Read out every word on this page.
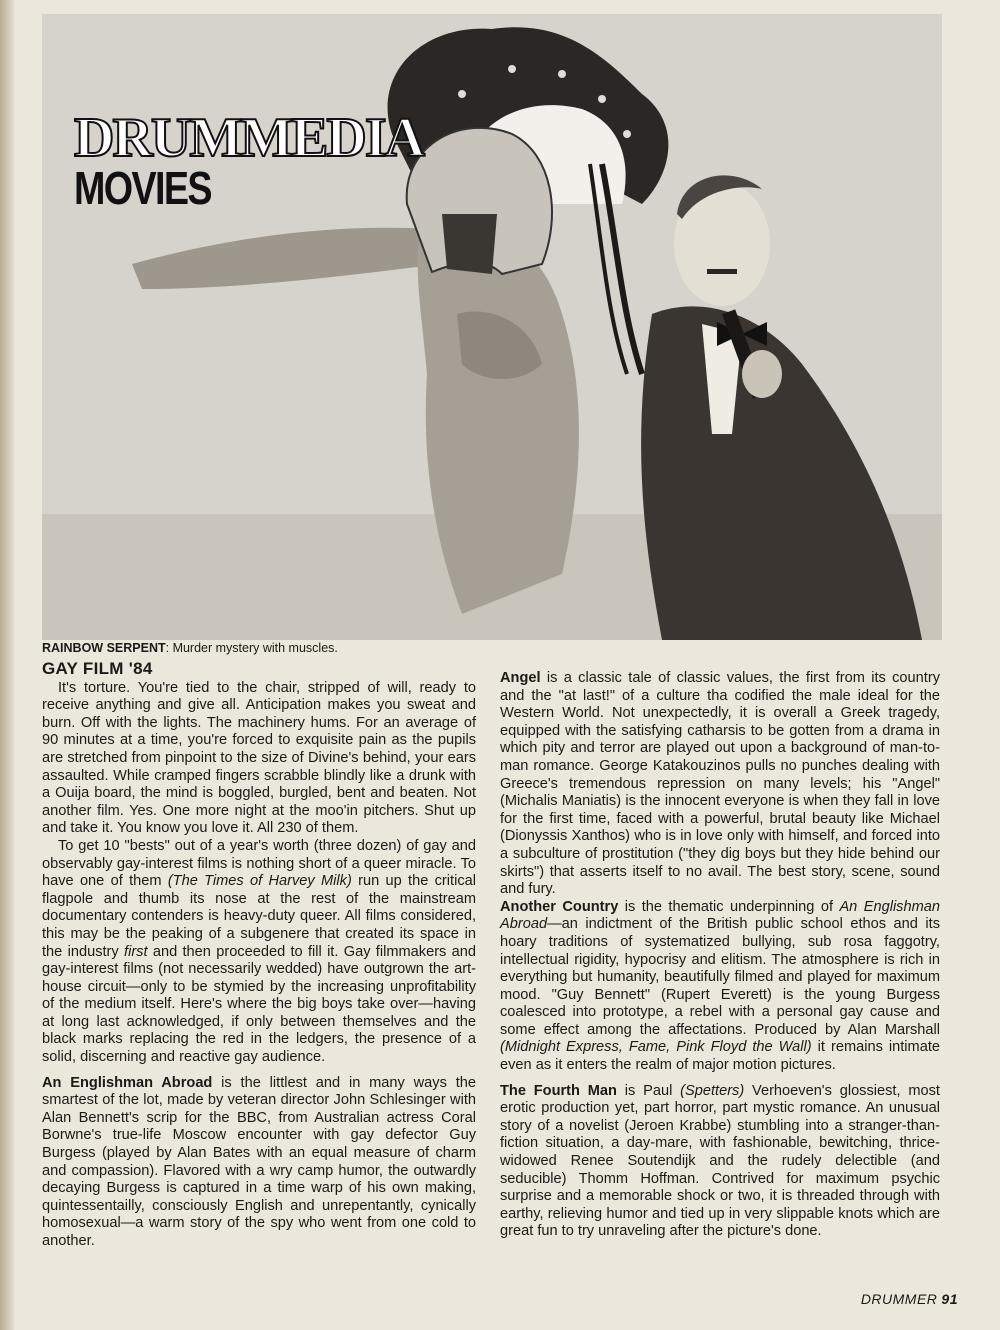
DRUMMEDIA
MOVIES
RAINBOW SERPENT: Murder mystery with muscles.
GAY FILM '84

It's torture. You're tied to the chair, stripped of will, ready to receive anything and give all. Anticipation makes you sweat and burn. Off with the lights. The machinery hums. For an average of 90 minutes at a time, you're forced to exquisite pain as the pupils are stretched from pinpoint to the size of Divine's behind, your ears assaulted. While cramped fingers scrabble blindly like a drunk with a Ouija board, the mind is boggled, burgled, bent and beaten. Not another film. Yes. One more night at the moo'in pitchers. Shut up and take it. You know you love it. All 230 of them.

To get 10 "bests" out of a year's worth (three dozen) of gay and observably gay-interest films is nothing short of a queer miracle. To have one of them (The Times of Harvey Milk) run up the critical flagpole and thumb its nose at the rest of the mainstream documentary contenders is heavy-duty queer. All films considered, this may be the peaking of a subgenere that created its space in the industry first and then proceeded to fill it. Gay filmmakers and gay-interest films (not necessarily wedded) have outgrown the art-house circuit—only to be stymied by the increasing unprofitability of the medium itself. Here's where the big boys take over—having at long last acknowledged, if only between themselves and the black marks replacing the red in the ledgers, the presence of a solid, discerning and reactive gay audience.

An Englishman Abroad is the littlest and in many ways the smartest of the lot, made by veteran director John Schlesinger with Alan Bennett's scrip for the BBC, from Australian actress Coral Borwne's true-life Moscow encounter with gay defector Guy Burgess (played by Alan Bates with an equal measure of charm and compassion). Flavored with a wry camp humor, the outwardly decaying Burgess is captured in a time warp of his own making, quintessentailly, consciously English and unrepentantly, cynically homosexual—a warm story of the spy who went from one cold to another.

Angel is a classic tale of classic values, the first from its country and the "at last!" of a culture tha codified the male ideal for the Western World. Not unexpectedly, it is overall a Greek tragedy, equipped with the satisfying catharsis to be gotten from a drama in which pity and terror are played out upon a background of man-to-man romance. George Katakouzinos pulls no punches dealing with Greece's tremendous repression on many levels; his "Angel" (Michalis Maniatis) is the innocent everyone is when they fall in love for the first time, faced with a powerful, brutal beauty like Michael (Dionyssis Xanthos) who is in love only with himself, and forced into a subculture of prostitution ("they dig boys but they hide behind our skirts") that asserts itself to no avail. The best story, scene, sound and fury.

Another Country is the thematic underpinning of An Englishman Abroad—an indictment of the British public school ethos and its hoary traditions of systematized bullying, sub rosa faggotry, intellectual rigidity, hypocrisy and elitism. The atmosphere is rich in everything but humanity, beautifully filmed and played for maximum mood. "Guy Bennett" (Rupert Everett) is the young Burgess coalesced into prototype, a rebel with a personal gay cause and some effect among the affectations. Produced by Alan Marshall (Midnight Express, Fame, Pink Floyd the Wall) it remains intimate even as it enters the realm of major motion pictures.

The Fourth Man is Paul (Spetters) Verhoeven's glossiest, most erotic production yet, part horror, part mystic romance. An unusual story of a novelist (Jeroen Krabbe) stumbling into a stranger-than-fiction situation, a day-mare, with fashionable, bewitching, thrice-widowed Renee Soutendijk and the rudely delectible (and seducible) Thomm Hoffman. Contrived for maximum psychic surprise and a memorable shock or two, it is threaded through with earthy, relieving humor and tied up in very slippable knots which are great fun to try unraveling after the picture's done.

DRUMMER 91
